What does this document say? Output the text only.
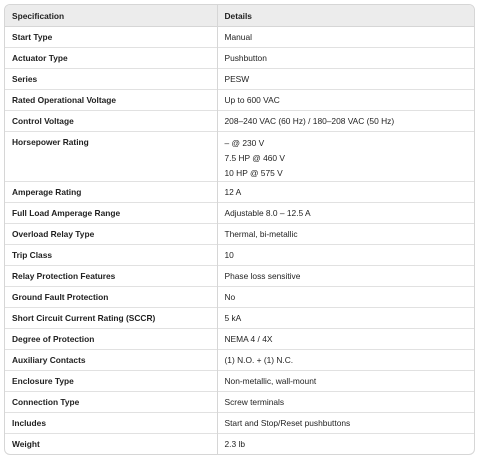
Specification	Details
Start Type	Manual

Actuator Type	Pushbutton

Series	PESW

Rated Operational Voltage	Up to 600 VAC

Control Voltage	208–240 VAC (60 Hz) / 180–208 VAC (50 Hz)

Horsepower Rating	– @ 230 V
7.5 HP @ 460 V
10 HP @ 575 V

Amperage Rating	12 A

Full Load Amperage Range	Adjustable 8.0 – 12.5 A

Overload Relay Type	Thermal, bi-metallic

Trip Class	10

Relay Protection Features	Phase loss sensitive

Ground Fault Protection	No

Short Circuit Current Rating (SCCR)	5 kA

Degree of Protection	NEMA 4 / 4X

Auxiliary Contacts	(1) N.O. + (1) N.C.

Enclosure Type	Non-metallic, wall-mount

Connection Type	Screw terminals

Includes	Start and Stop/Reset pushbuttons

Weight	2.3 lb
